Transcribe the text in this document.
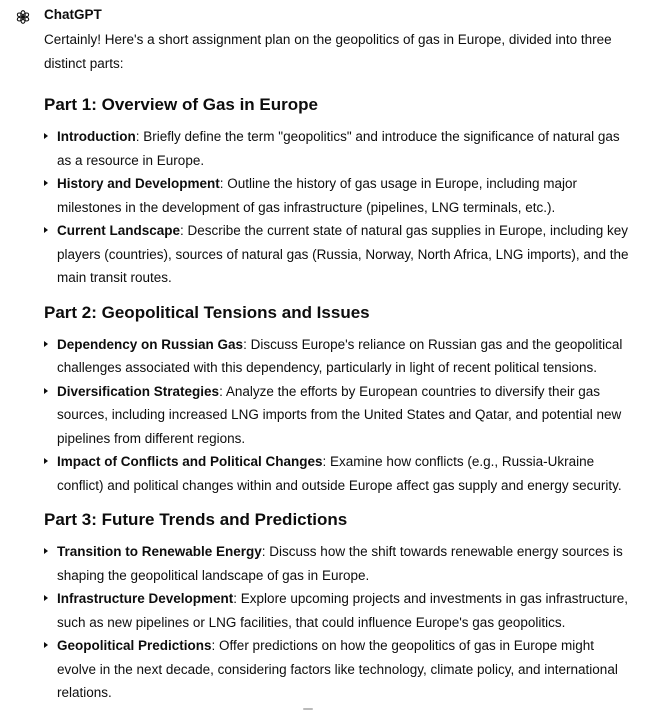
ChatGPT

Certainly! Here's a short assignment plan on the geopolitics of gas in Europe, divided into three distinct parts:

Part 1: Overview of Gas in Europe
Introduction: Briefly define the term "geopolitics" and introduce the significance of natural gas as a resource in Europe.
History and Development: Outline the history of gas usage in Europe, including major milestones in the development of gas infrastructure (pipelines, LNG terminals, etc.).
Current Landscape: Describe the current state of natural gas supplies in Europe, including key players (countries), sources of natural gas (Russia, Norway, North Africa, LNG imports), and the main transit routes.
Part 2: Geopolitical Tensions and Issues
Dependency on Russian Gas: Discuss Europe's reliance on Russian gas and the geopolitical challenges associated with this dependency, particularly in light of recent political tensions.
Diversification Strategies: Analyze the efforts by European countries to diversify their gas sources, including increased LNG imports from the United States and Qatar, and potential new pipelines from different regions.
Impact of Conflicts and Political Changes: Examine how conflicts (e.g., Russia-Ukraine conflict) and political changes within and outside Europe affect gas supply and energy security.
Part 3: Future Trends and Predictions
Transition to Renewable Energy: Discuss how the shift towards renewable energy sources is shaping the geopolitical landscape of gas in Europe.
Infrastructure Development: Explore upcoming projects and investments in gas infrastructure, such as new pipelines or LNG facilities, that could influence Europe's gas geopolitics.
Geopolitical Predictions: Offer predictions on how the geopolitics of gas in Europe might evolve in the next decade, considering factors like technology, climate policy, and international relations.
